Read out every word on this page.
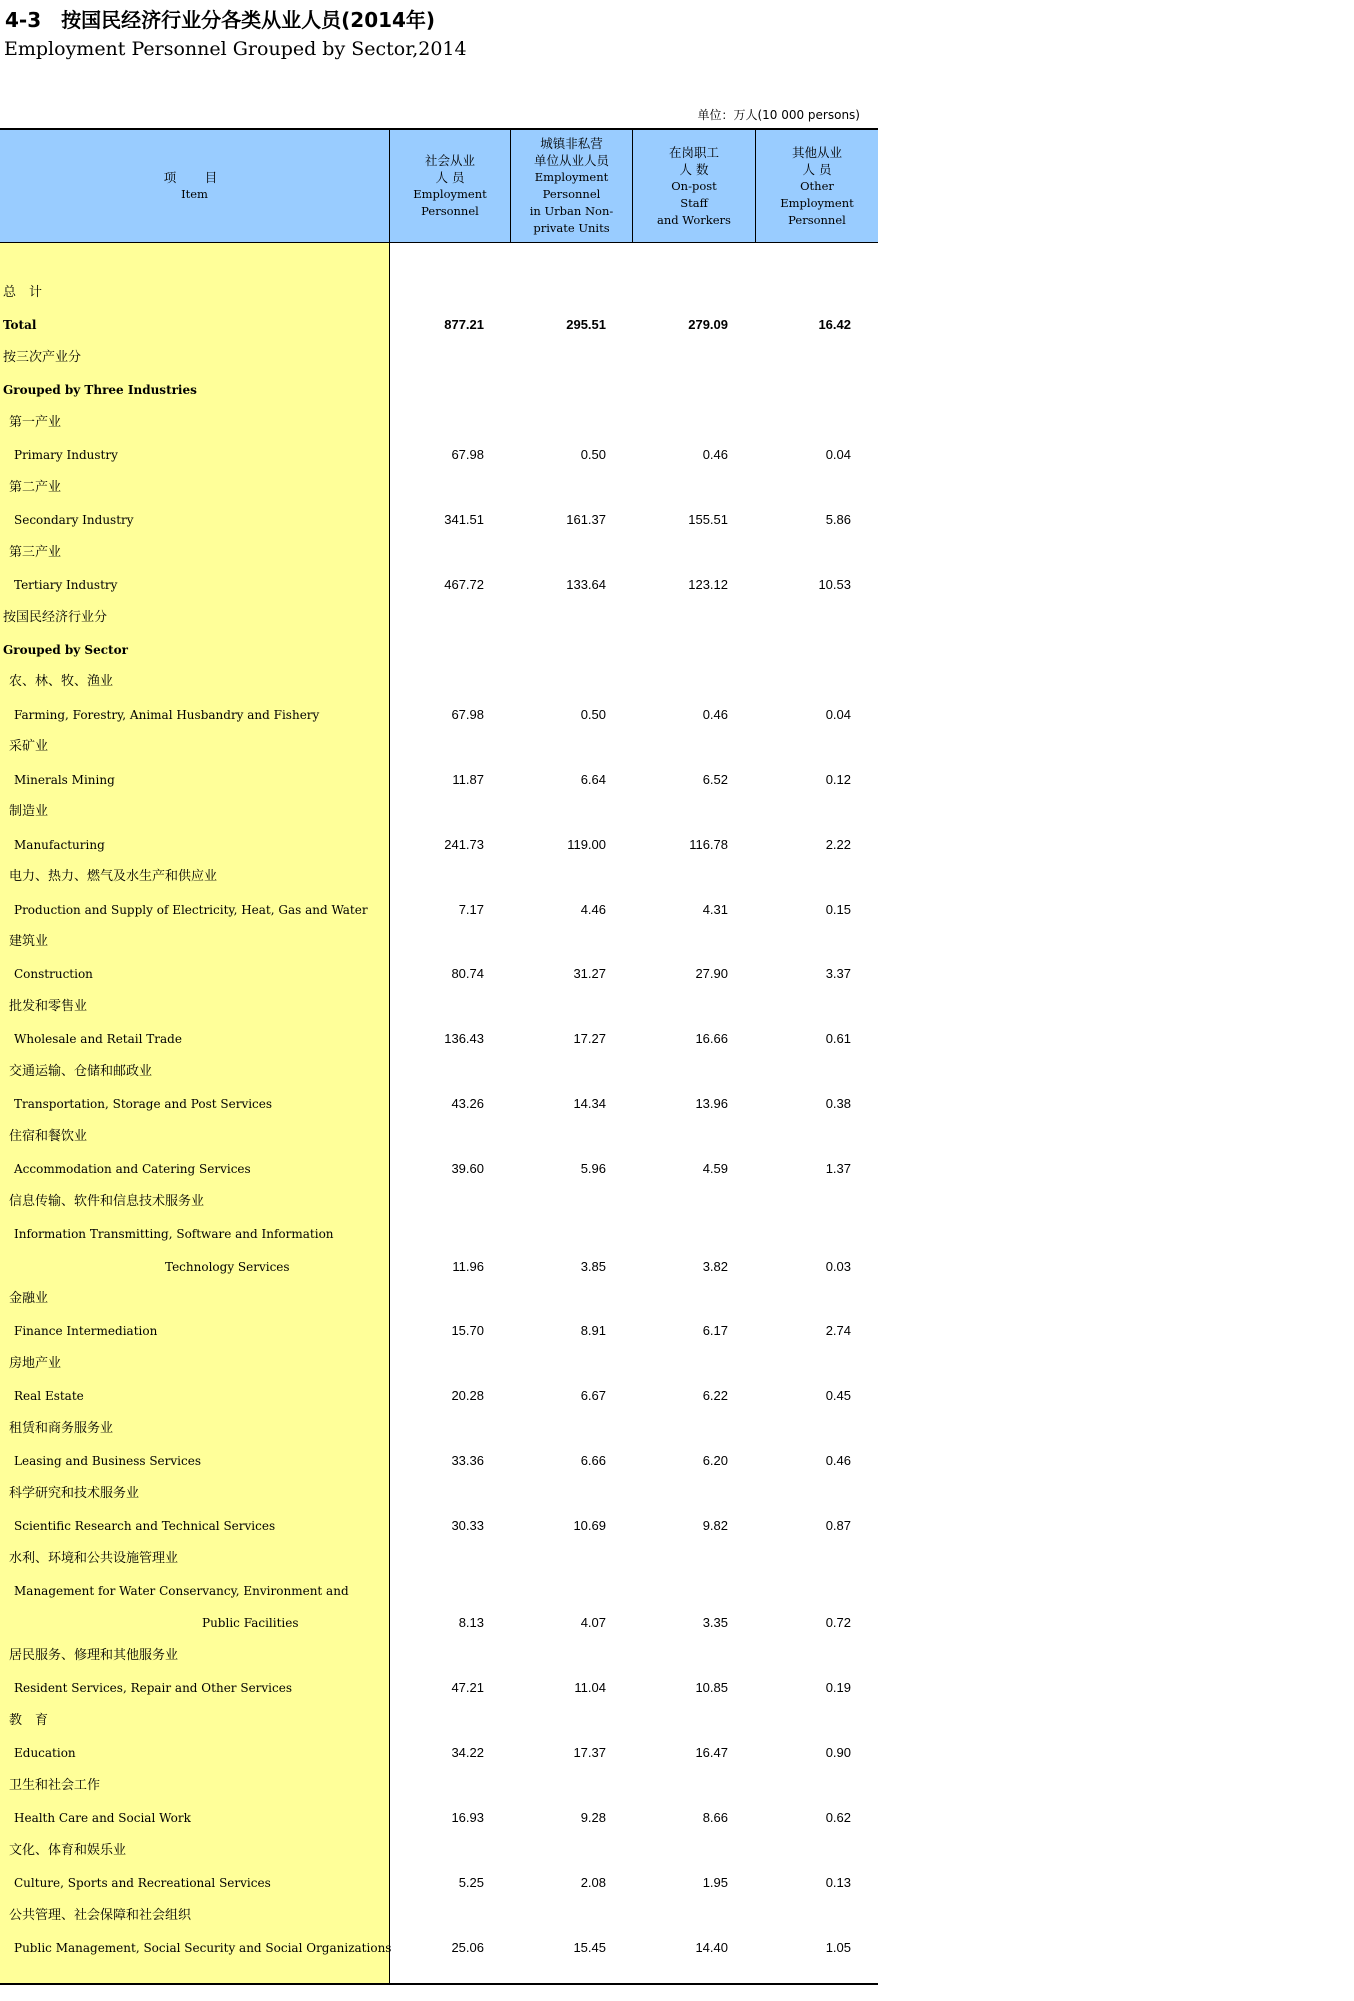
4-3　按国民经济行业分各类从业人员(2014年)
Employment Personnel Grouped by Sector,2014
单位：万人(10 000 persons)
项　目
Item
社会从业
人 员
Employment
Personnel
城镇非私营
单位从业人员
Employment
Personnel
in Urban Non-
private Units
在岗职工
人 数
On-post
Staff
and Workers
其他从业
人 员
Other
Employment
Personnel
总　计
Total	877.21	295.51	279.09	16.42
按三次产业分
Grouped by Three Industries
第一产业
Primary Industry	67.98	0.50	0.46	0.04
第二产业
Secondary Industry	341.51	161.37	155.51	5.86
第三产业
Tertiary Industry	467.72	133.64	123.12	10.53
按国民经济行业分
Grouped by Sector
农、林、牧、渔业
Farming, Forestry, Animal Husbandry and Fishery	67.98	0.50	0.46	0.04
采矿业
Minerals Mining	11.87	6.64	6.52	0.12
制造业
Manufacturing	241.73	119.00	116.78	2.22
电力、热力、燃气及水生产和供应业
Production and Supply of Electricity, Heat, Gas and Water	7.17	4.46	4.31	0.15
建筑业
Construction	80.74	31.27	27.90	3.37
批发和零售业
Wholesale and Retail Trade	136.43	17.27	16.66	0.61
交通运输、仓储和邮政业
Transportation, Storage and Post Services	43.26	14.34	13.96	0.38
住宿和餐饮业
Accommodation and Catering Services	39.60	5.96	4.59	1.37
信息传输、软件和信息技术服务业
Information Transmitting, Software and Information
Technology Services	11.96	3.85	3.82	0.03
金融业
Finance Intermediation	15.70	8.91	6.17	2.74
房地产业
Real Estate	20.28	6.67	6.22	0.45
租赁和商务服务业
Leasing and Business Services	33.36	6.66	6.20	0.46
科学研究和技术服务业
Scientific Research and Technical Services	30.33	10.69	9.82	0.87
水利、环境和公共设施管理业
Management for Water Conservancy, Environment and
Public Facilities	8.13	4.07	3.35	0.72
居民服务、修理和其他服务业
Resident Services, Repair and Other Services	47.21	11.04	10.85	0.19
教　育
Education	34.22	17.37	16.47	0.90
卫生和社会工作
Health Care and Social Work	16.93	9.28	8.66	0.62
文化、体育和娱乐业
Culture, Sports and Recreational Services	5.25	2.08	1.95	0.13
公共管理、社会保障和社会组织
Public Management, Social Security and Social Organizations	25.06	15.45	14.40	1.05
